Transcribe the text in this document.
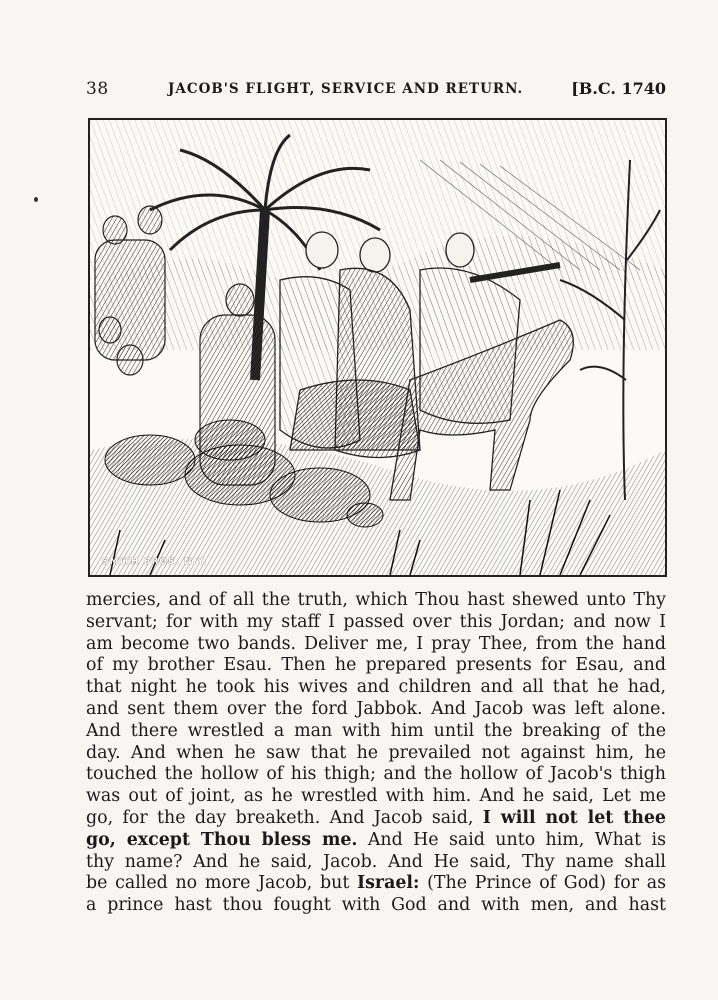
38	JACOB'S FLIGHT, SERVICE AND RETURN.	[B.C. 1740
SMITH BROS. N.Y.
mercies, and of all the truth, which Thou hast shewed unto Thy
servant; for with my staff I passed over this Jordan; and now I
am become two bands. Deliver me, I pray Thee, from the hand
of my brother Esau. Then he prepared presents for Esau, and
that night he took his wives and children and all that he had,
and sent them over the ford Jabbok. And Jacob was left alone.
And there wrestled a man with him until the breaking of the
day. And when he saw that he prevailed not against him, he
touched the hollow of his thigh; and the hollow of Jacob's thigh
was out of joint, as he wrestled with him. And he said, Let me
go, for the day breaketh. And Jacob said, I will not let thee
go, except Thou bless me. And He said unto him, What is
thy name? And he said, Jacob. And He said, Thy name shall
be called no more Jacob, but Israel: (The Prince of God) for as
a prince hast thou fought with God and with men, and hast
